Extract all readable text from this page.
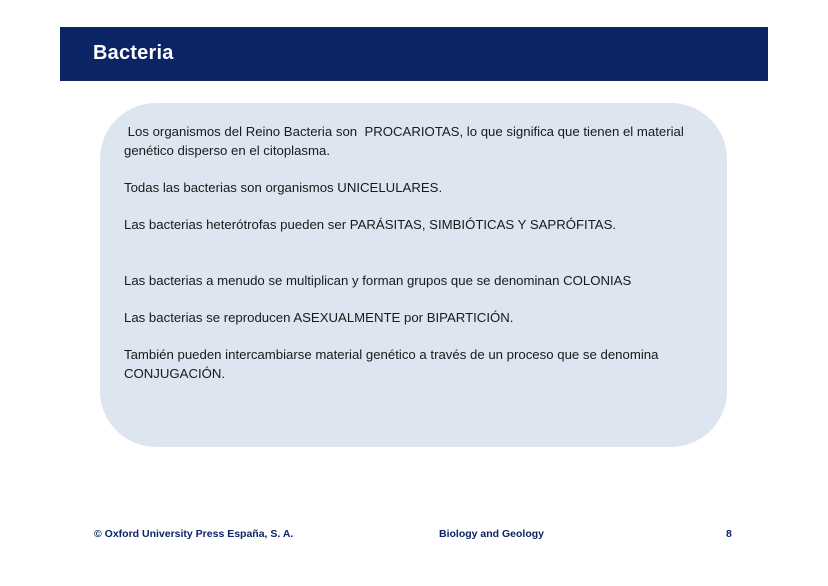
Bacteria

Los organismos del Reino Bacteria son  PROCARIOTAS, lo que significa que tienen el material genético disperso en el citoplasma.

Todas las bacterias son organismos UNICELULARES.

Las bacterias heterótrofas pueden ser PARÁSITAS, SIMBIÓTICAS Y SAPRÓFITAS.

Las bacterias a menudo se multiplican y forman grupos que se denominan COLONIAS

Las bacterias se reproducen ASEXUALMENTE por BIPARTICIÓN.

También pueden intercambiarse material genético a través de un proceso que se denomina CONJUGACIÓN.

© Oxford University Press España, S. A.	Biology and Geology	8
